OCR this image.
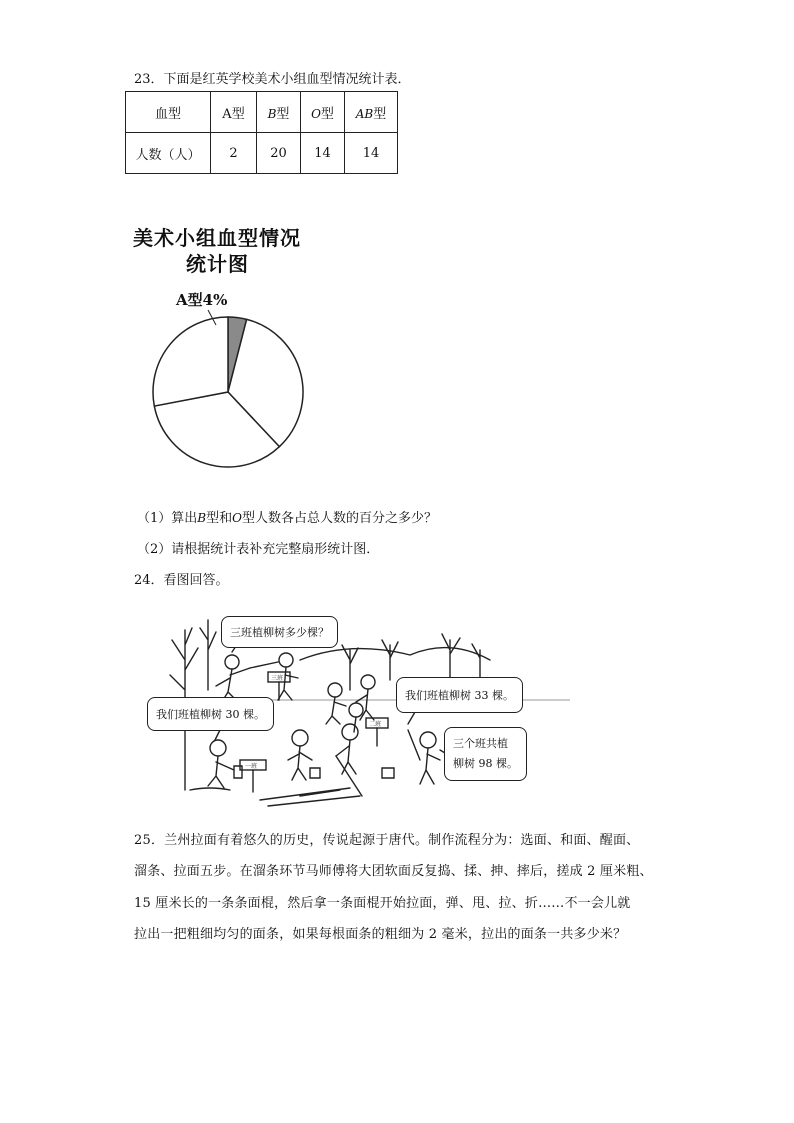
23．下面是红英学校美术小组血型情况统计表．
血型	A型	B型	O型	AB型
人数（人）	2	20	14	14
美术小组血型情况
统计图
A型4%
（1）算出B型和O型人数各占总人数的百分之多少？
（2）请根据统计表补充完整扇形统计图．
24．看图回答。
三班
二班
一班
三班植柳树多少棵？
我们班植柳树 30 棵。
我们班植柳树 33 棵。
三个班共植
柳树 98 棵。
25．兰州拉面有着悠久的历史，传说起源于唐代。制作流程分为：选面、和面、醒面、
溜条、拉面五步。在溜条环节马师傅将大团软面反复捣、揉、抻、摔后，搓成 2 厘米粗、
15 厘米长的一条条面棍，然后拿一条面棍开始拉面，弹、甩、拉、折……不一会儿就
拉出一把粗细均匀的面条，如果每根面条的粗细为 2 毫米，拉出的面条一共多少米？
